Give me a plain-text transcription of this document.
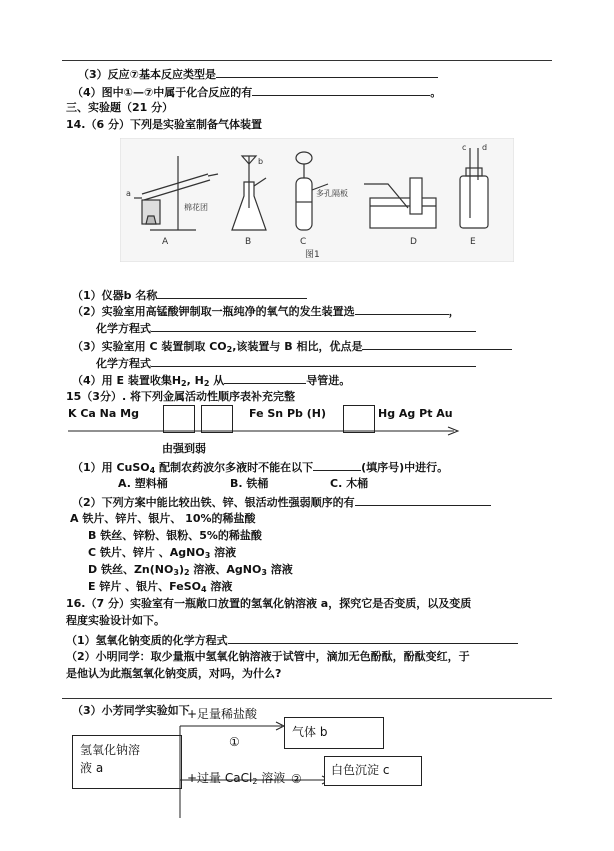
（3）反应⑦基本反应类型是
（4）图中①—⑦中属于化合反应的有	。
三、实验题（21 分）
14.（6 分）下列是实验室制备气体装置
a
棉花团
A
b
B
多孔隔板
C	D
c d
E
图1
（1）仪器b 名称
（2）实验室用高锰酸钾制取一瓶纯净的氧气的发生装置选	，
化学方程式
（3）实验室用 C 装置制取 $CO_2$,该装置与 B 相比，优点是
化学方程式
（4）用 E 装置收集$H_2$, $H_2$ 从	导管进。
15（3分）. 将下列金属活动性顺序表补充完整
K Ca Na Mg	Fe Sn Pb (H)	Hg Ag Pt Au
由强到弱
（1）用 CuSO$_4$ 配制农药波尔多液时不能在以下	(填序号)中进行。
A. 塑料桶	B. 铁桶	C. 木桶
（2）下列方案中能比较出铁、锌、银活动性强弱顺序的有
A 铁片、锌片、银片、 10%的稀盐酸
B 铁丝、锌粉、银粉、5%的稀盐酸
C 铁片、锌片 、AgNO$_3$ 溶液
D 铁丝、$Zn(NO_3)_2$ 溶液、AgNO$_3$ 溶液
E 锌片 、银片、FeSO$_4$ 溶液
16.（7 分）实验室有一瓶敞口放置的氢氧化钠溶液 a，探究它是否变质，以及变质
程度实验设计如下。
（1）氢氧化钠变质的化学方程式
（2）小明同学：取少量瓶中氢氧化钠溶液于试管中，滴加无色酚酞，酚酞变红，于
是他认为此瓶氢氧化钠变质，对吗，为什么?
（3）小芳同学实验如下
氢氧化钠溶
液 a
+足量稀盐酸
①
气体 b
+过量 CaCl$_2$ 溶液 ②
白色沉淀 c
